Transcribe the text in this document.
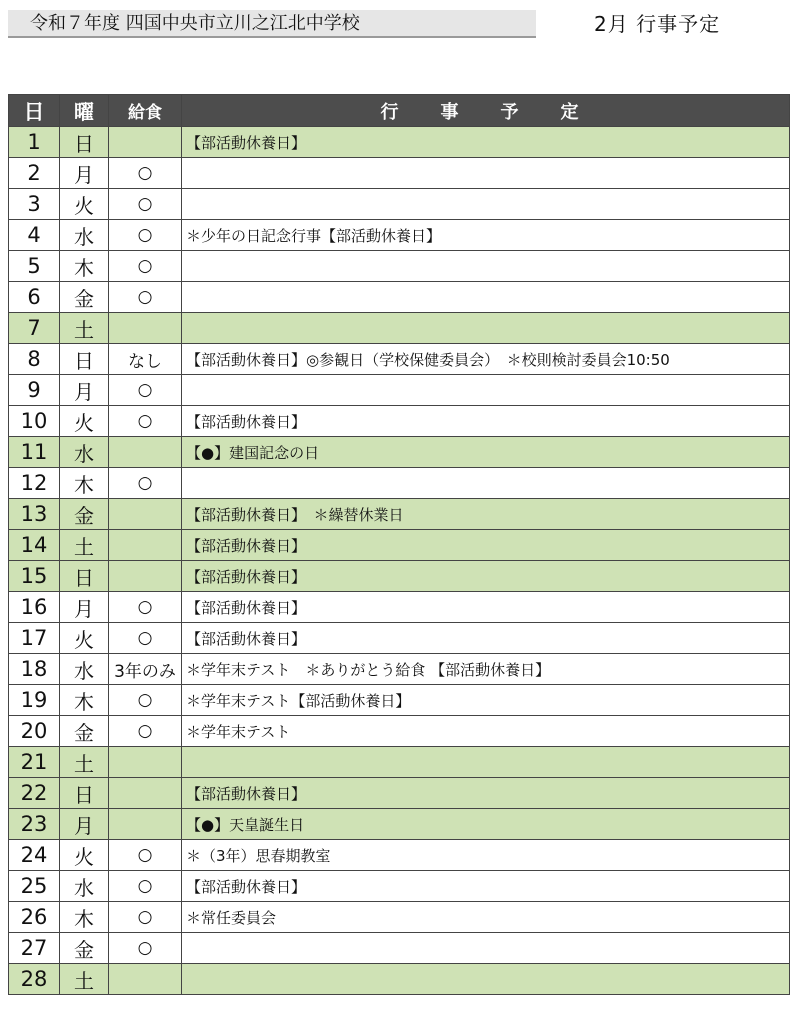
令和７年度 四国中央市立川之江北中学校	2月 行事予定
日	曜	給食	行　事　予　定
1	日		【部活動休養日】
2	月	○	
3	火	○	
4	水	○	＊少年の日記念行事【部活動休養日】
5	木	○	
6	金	○	
7	土		
8	日	なし	【部活動休養日】◎参観日（学校保健委員会）　＊校則検討委員会10:50
9	月	○	
10	火	○	【部活動休養日】
11	水		【●】建国記念の日
12	木	○	
13	金		【部活動休養日】　＊繰替休業日
14	土		【部活動休養日】
15	日		【部活動休養日】
16	月	○	【部活動休養日】
17	火	○	【部活動休養日】
18	水	3年のみ	＊学年末テスト　＊ありがとう給食 【部活動休養日】
19	木	○	＊学年末テスト【部活動休養日】
20	金	○	＊学年末テスト
21	土		
22	日		【部活動休養日】
23	月		【●】天皇誕生日
24	火	○	＊（3年）思春期教室
25	水	○	【部活動休養日】
26	木	○	＊常任委員会
27	金	○	
28	土		
